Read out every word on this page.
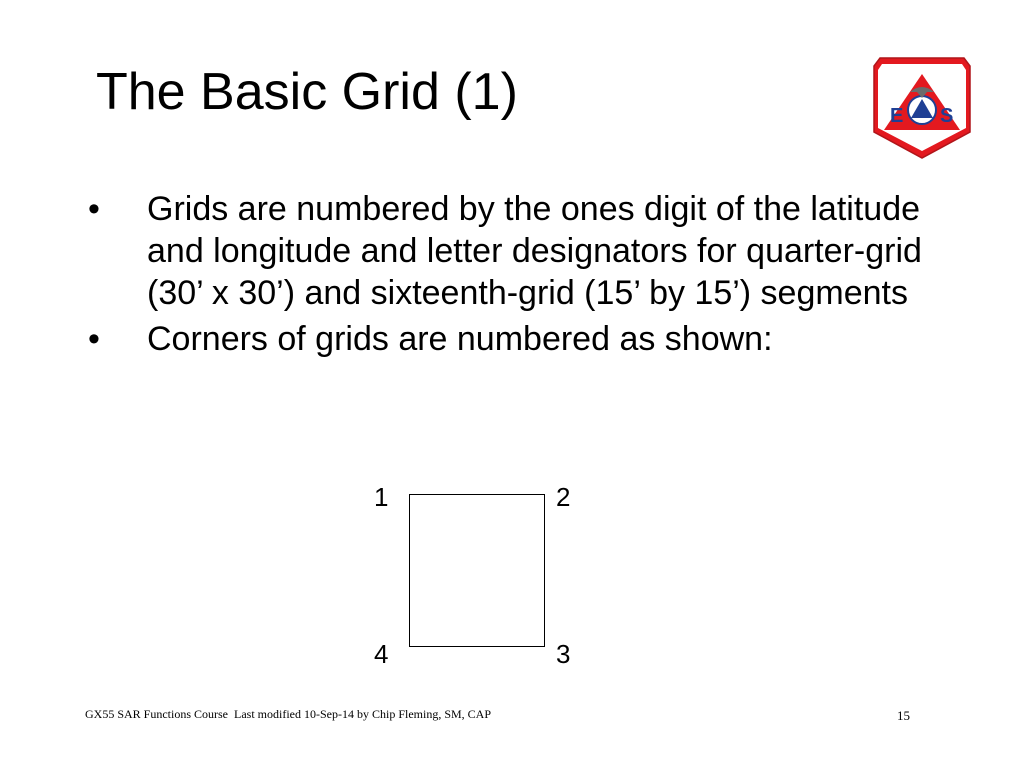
The Basic Grid (1)	E S
•	Grids are numbered by the ones digit of the latitude and longitude and letter designators for quarter-grid (30’ x 30’) and sixteenth-grid (15’ by 15’) segments
•	Corners of grids are numbered as shown:
1	2
4	3
GX55 SAR Functions Course  Last modified 10-Sep-14 by Chip Fleming, SM, CAP	15
